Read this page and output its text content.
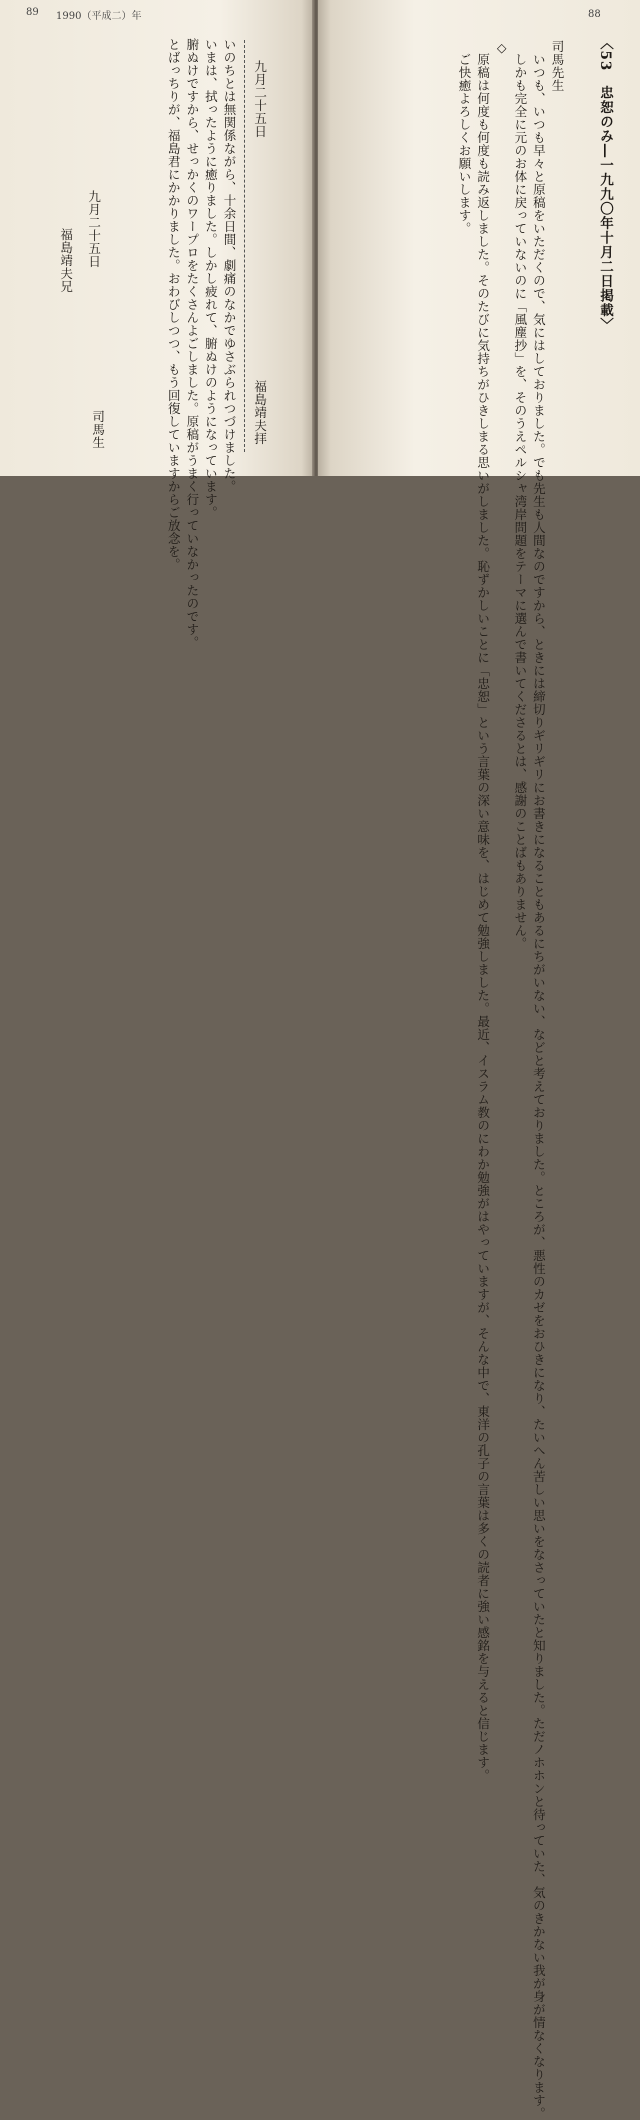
89 1990（平成二）年
いのちとは無関係ながら、十余日間、劇痛のなかでゆさぶられつづけました。
いまは、拭ったように癒りました。しかし疲れて、腑ぬけのようになっています。
腑ぬけですから、せっかくのワープロをたくさんよごしました。原稿がうまく行っていなかったのです。
とばっちりが、福島君にかかりました。おわびしつつ、もう回復していますからご放念を。
九月二十五日
福島靖夫兄
司馬生
九月二十五日
福島靖夫拝
88
〈53　忠恕のみ―一九九〇年十月二日掲載〉
司馬先生
　いつも、いつも早々と原稿をいただくので、気にはしておりました。でも先生も人間なのですから、ときには締切りギリギリにお書きになることもあるにちがいない、などと考えておりました。ところが、悪性のカゼをおひきになり、たいへん苦しい思いをなさっていたと知りました。ただノホホンと待っていた、気のきかない我が身が情なくなります。
　しかも完全に元のお体に戻っていないのに「風塵抄」を、そのうえペルシャ湾岸問題をテーマに選んで書いてくださるとは、感謝のことばもありません。
◇
　原稿は何度も何度も読み返しました。そのたびに気持ちがひきしまる思いがしました。恥ずかしいことに「忠恕」という言葉の深い意味を、はじめて勉強しました。最近、イスラム教のにわか勉強がはやっていますが、そんな中で、東洋の孔子の言葉は多くの読者に強い感銘を与えると信じます。
　ご快癒よろしくお願いします。
